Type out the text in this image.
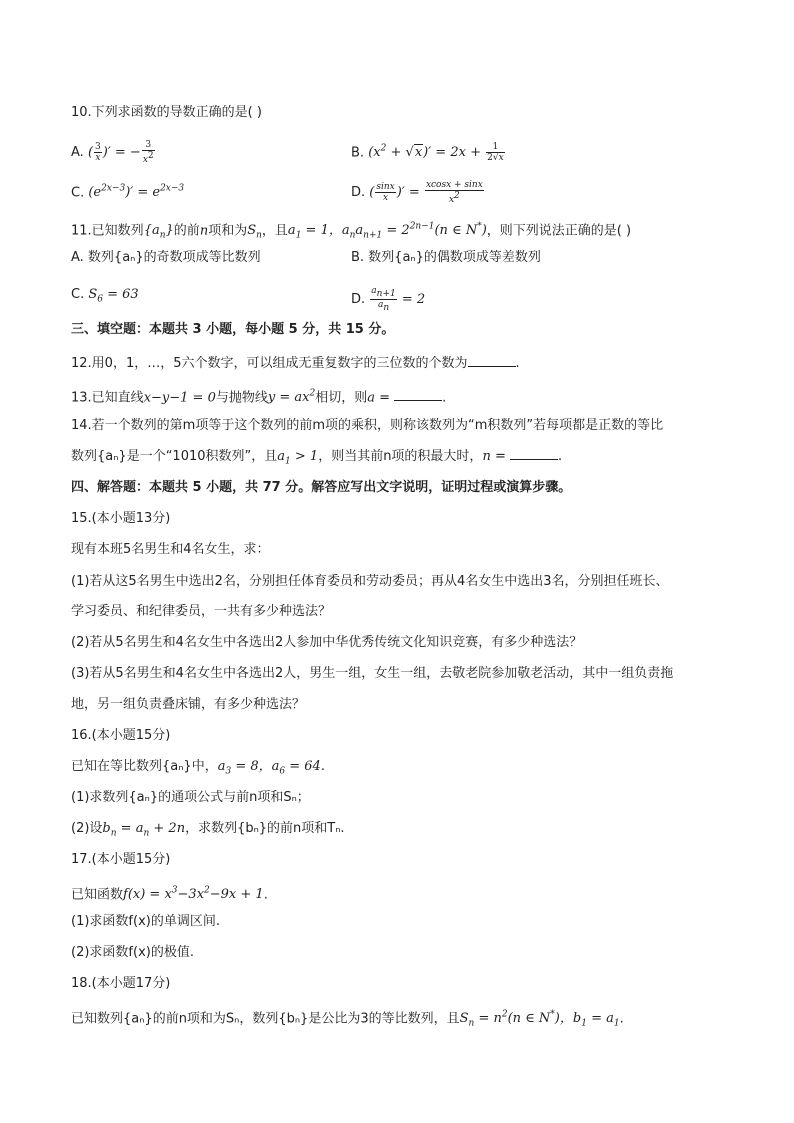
10.下列求函数的导数正确的是( )
A. ( $\frac{3}{x}$ )′ = − $\frac{3}{x^2}$	B. $(x^2 + √x)' = 2x + \frac{1}{2√x}$
C. $(e^{2x-3})' = e^{2x-3}$	D. ( $\frac{\sin x}{x}$ )′ = $\frac{xcosx + \sin x}{x^2}$
11.已知数列$\{a_n\}$的前n项和为$S_n$，且$a_1 = 1$，$a_na_{n+1} = 2^{2n-1}(n$ ∈ N*)，则下列说法正确的是( )
A. 数列{aₙ}的奇数项成等比数列	B. 数列{aₙ}的偶数项成等差数列
C. $S_6 = 63$	D. $\frac{a_{n+1}}{a_n} = 2$
三、填空题：本题共 3 小题，每小题 5 分，共 15 分。
12.用0，1，…，5六个数字，可以组成无重复数字的三位数的个数为	.
13.已知直线x−y−1 = 0与抛物线$y = ax^2$相切，则a =	.
14.若一个数列的第m项等于这个数列的前m项的乘积，则称该数列为“m积数列”若每项都是正数的等比
数列{aₙ}是一个“1010积数列”，且$a_1 > 1$，则当其前n项的积最大时，n =	.
四、解答题：本题共 5 小题，共 77 分。解答应写出文字说明，证明过程或演算步骤。
15.(本小题13分)
现有本班5名男生和4名女生，求：
(1)若从这5名男生中选出2名，分别担任体育委员和劳动委员；再从4名女生中选出3名，分别担任班长、
学习委员、和纪律委员，一共有多少种选法？
(2)若从5名男生和4名女生中各选出2人参加中华优秀传统文化知识竞赛，有多少种选法？
(3)若从5名男生和4名女生中各选出2人，男生一组，女生一组，去敬老院参加敬老活动，其中一组负责拖
地，另一组负责叠床铺，有多少种选法？
16.(本小题15分)
已知在等比数列{aₙ}中，$a_3 = 8$，$a_6 = 64$.
(1)求数列{aₙ}的通项公式与前n项和Sₙ；
(2)设$b_n = a_n + 2n$，求数列{bₙ}的前n项和Tₙ.
17.(本小题15分)
已知函数$f(x) = x^3-3x^2-9x + 1$.
(1)求函数f(x)的单调区间.
(2)求函数f(x)的极值.
18.(本小题17分)
已知数列{aₙ}的前n项和为Sₙ，数列{bₙ}是公比为3的等比数列，且$S_n = n^2(n$ ∈ N*)，$b_1 = a_1$.
